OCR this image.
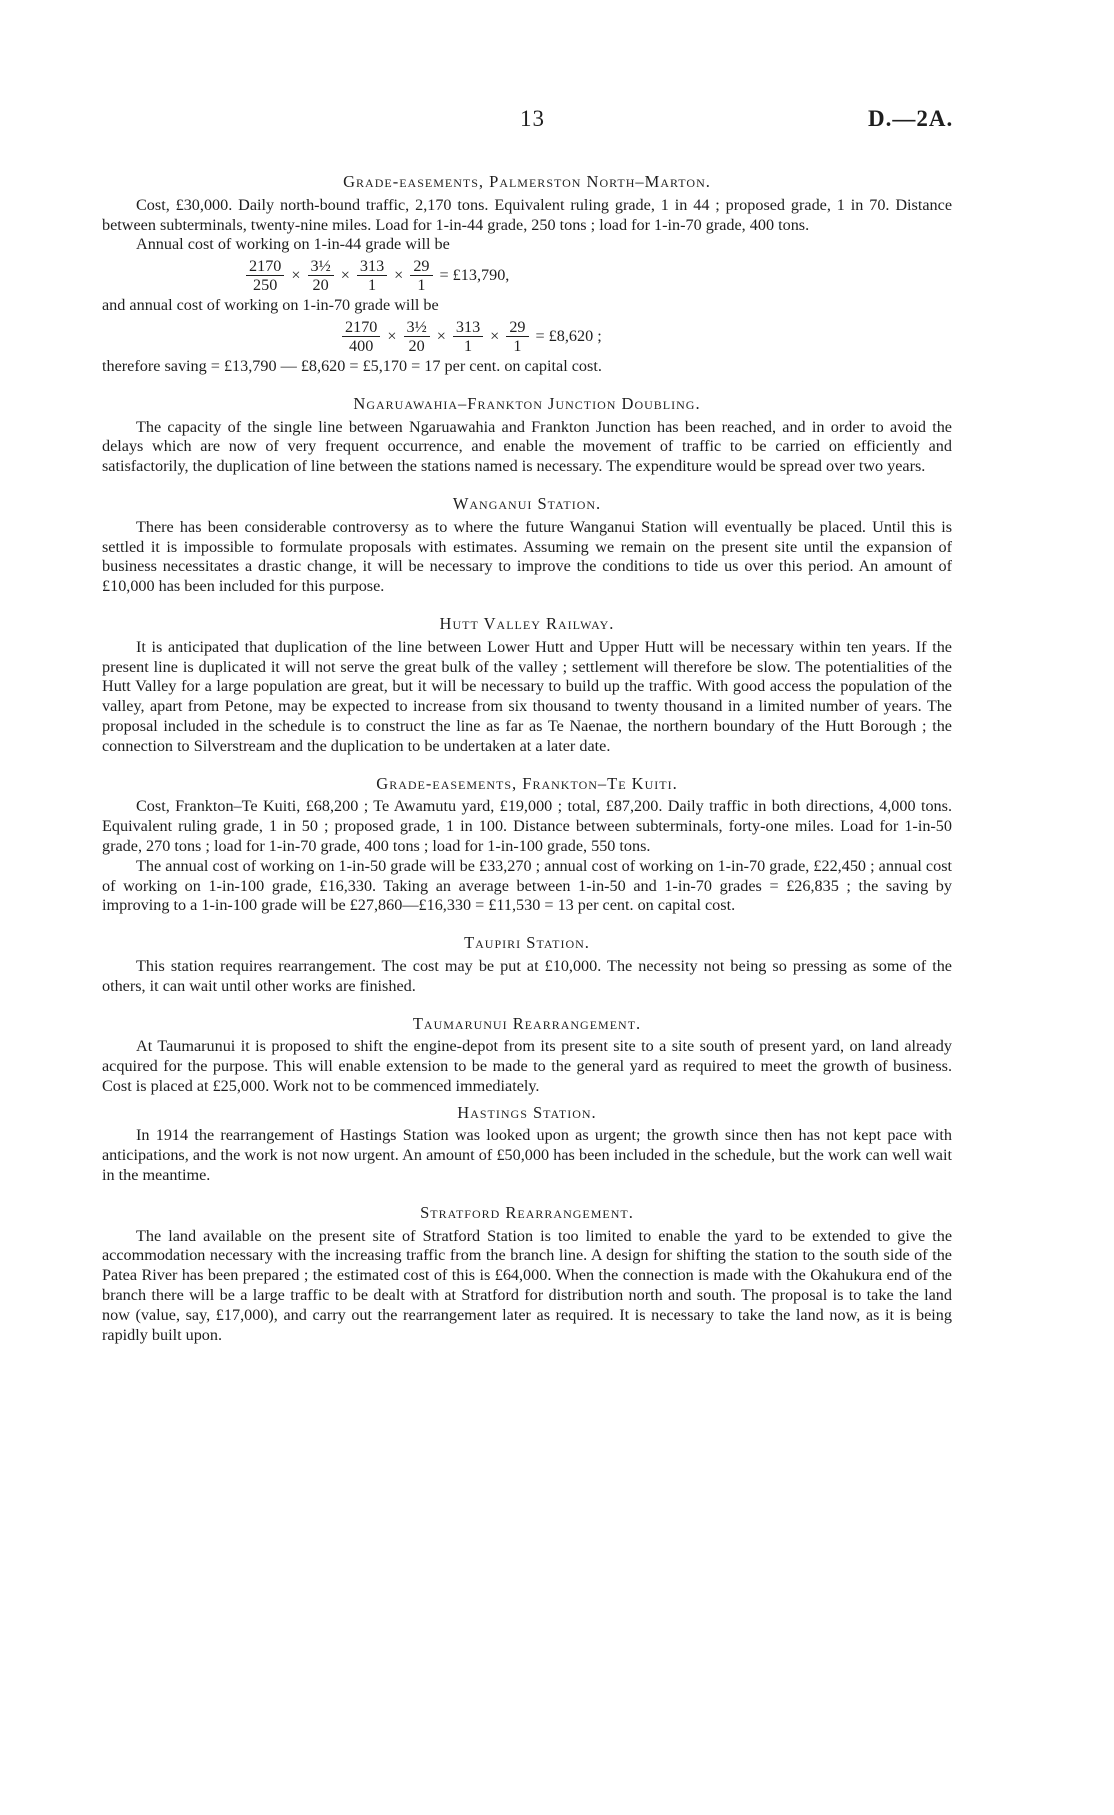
13	D.—2A.
Grade-easements, Palmerston North–Marton.

Cost, £30,000. Daily north-bound traffic, 2,170 tons. Equivalent ruling grade, 1 in 44 ; proposed grade, 1 in 70. Distance between subterminals, twenty-nine miles. Load for 1-in-44 grade, 250 tons ; load for 1-in-70 grade, 400 tons.

Annual cost of working on 1-in-44 grade will be

$\frac{2170}{250} \times \frac{\text{3½}}{20} \times \frac{313}{1} \times \frac{29}{1}$ = £13,790,

and annual cost of working on 1-in-70 grade will be

$\frac{2170}{400} \times \frac{\text{3½}}{20} \times \frac{313}{1} \times \frac{29}{1}$ = £8,620 ;

therefore saving = £13,790 — £8,620 = £5,170 = 17 per cent. on capital cost.

Ngaruawahia–Frankton Junction Doubling.

The capacity of the single line between Ngaruawahia and Frankton Junction has been reached, and in order to avoid the delays which are now of very frequent occurrence, and enable the movement of traffic to be carried on efficiently and satisfactorily, the duplication of line between the stations named is necessary. The expenditure would be spread over two years.

Wanganui Station.

There has been considerable controversy as to where the future Wanganui Station will eventually be placed. Until this is settled it is impossible to formulate proposals with estimates. Assuming we remain on the present site until the expansion of business necessitates a drastic change, it will be necessary to improve the conditions to tide us over this period. An amount of £10,000 has been included for this purpose.

Hutt Valley Railway.

It is anticipated that duplication of the line between Lower Hutt and Upper Hutt will be necessary within ten years. If the present line is duplicated it will not serve the great bulk of the valley ; settlement will therefore be slow. The potentialities of the Hutt Valley for a large population are great, but it will be necessary to build up the traffic. With good access the population of the valley, apart from Petone, may be expected to increase from six thousand to twenty thousand in a limited number of years. The proposal included in the schedule is to construct the line as far as Te Naenae, the northern boundary of the Hutt Borough ; the connection to Silverstream and the duplication to be undertaken at a later date.

Grade-easements, Frankton–Te Kuiti.

Cost, Frankton–Te Kuiti, £68,200 ; Te Awamutu yard, £19,000 ; total, £87,200. Daily traffic in both directions, 4,000 tons. Equivalent ruling grade, 1 in 50 ; proposed grade, 1 in 100. Distance between subterminals, forty-one miles. Load for 1-in-50 grade, 270 tons ; load for 1-in-70 grade, 400 tons ; load for 1-in-100 grade, 550 tons.

The annual cost of working on 1-in-50 grade will be £33,270 ; annual cost of working on 1-in-70 grade, £22,450 ; annual cost of working on 1-in-100 grade, £16,330. Taking an average between 1-in-50 and 1-in-70 grades = £26,835 ; the saving by improving to a 1-in-100 grade will be £27,860—£16,330 = £11,530 = 13 per cent. on capital cost.

Taupiri Station.

This station requires rearrangement. The cost may be put at £10,000. The necessity not being so pressing as some of the others, it can wait until other works are finished.

Taumarunui Rearrangement.

At Taumarunui it is proposed to shift the engine-depot from its present site to a site south of present yard, on land already acquired for the purpose. This will enable extension to be made to the general yard as required to meet the growth of business. Cost is placed at £25,000. Work not to be commenced immediately.

Hastings Station.

In 1914 the rearrangement of Hastings Station was looked upon as urgent; the growth since then has not kept pace with anticipations, and the work is not now urgent. An amount of £50,000 has been included in the schedule, but the work can well wait in the meantime.

Stratford Rearrangement.

The land available on the present site of Stratford Station is too limited to enable the yard to be extended to give the accommodation necessary with the increasing traffic from the branch line. A design for shifting the station to the south side of the Patea River has been prepared ; the estimated cost of this is £64,000. When the connection is made with the Okahukura end of the branch there will be a large traffic to be dealt with at Stratford for distribution north and south. The proposal is to take the land now (value, say, £17,000), and carry out the rearrangement later as required. It is necessary to take the land now, as it is being rapidly built upon.
